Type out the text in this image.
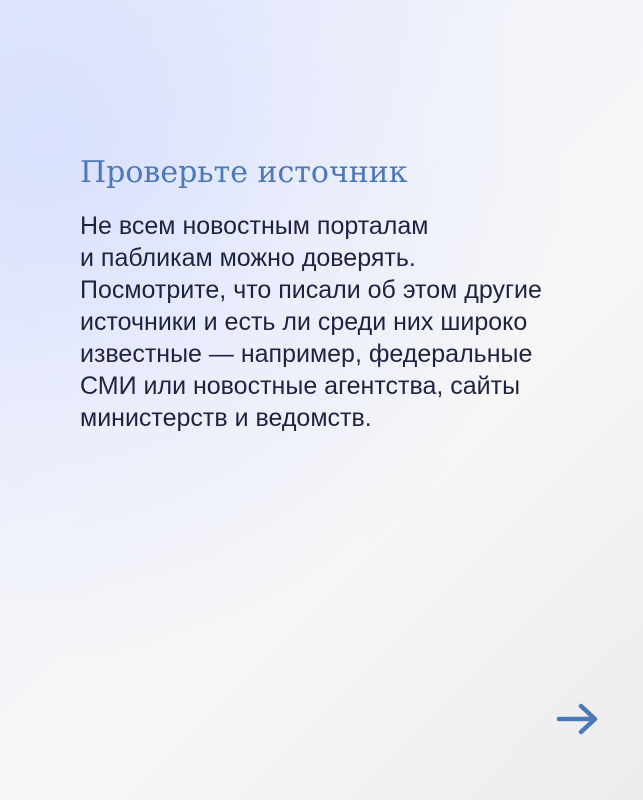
Проверьте источник

Не всем новостным порталам
и пабликам можно доверять.
Посмотрите, что писали об этом другие
источники и есть ли среди них широко
известные — например, федеральные
СМИ или новостные агентства, сайты
министерств и ведомств.
